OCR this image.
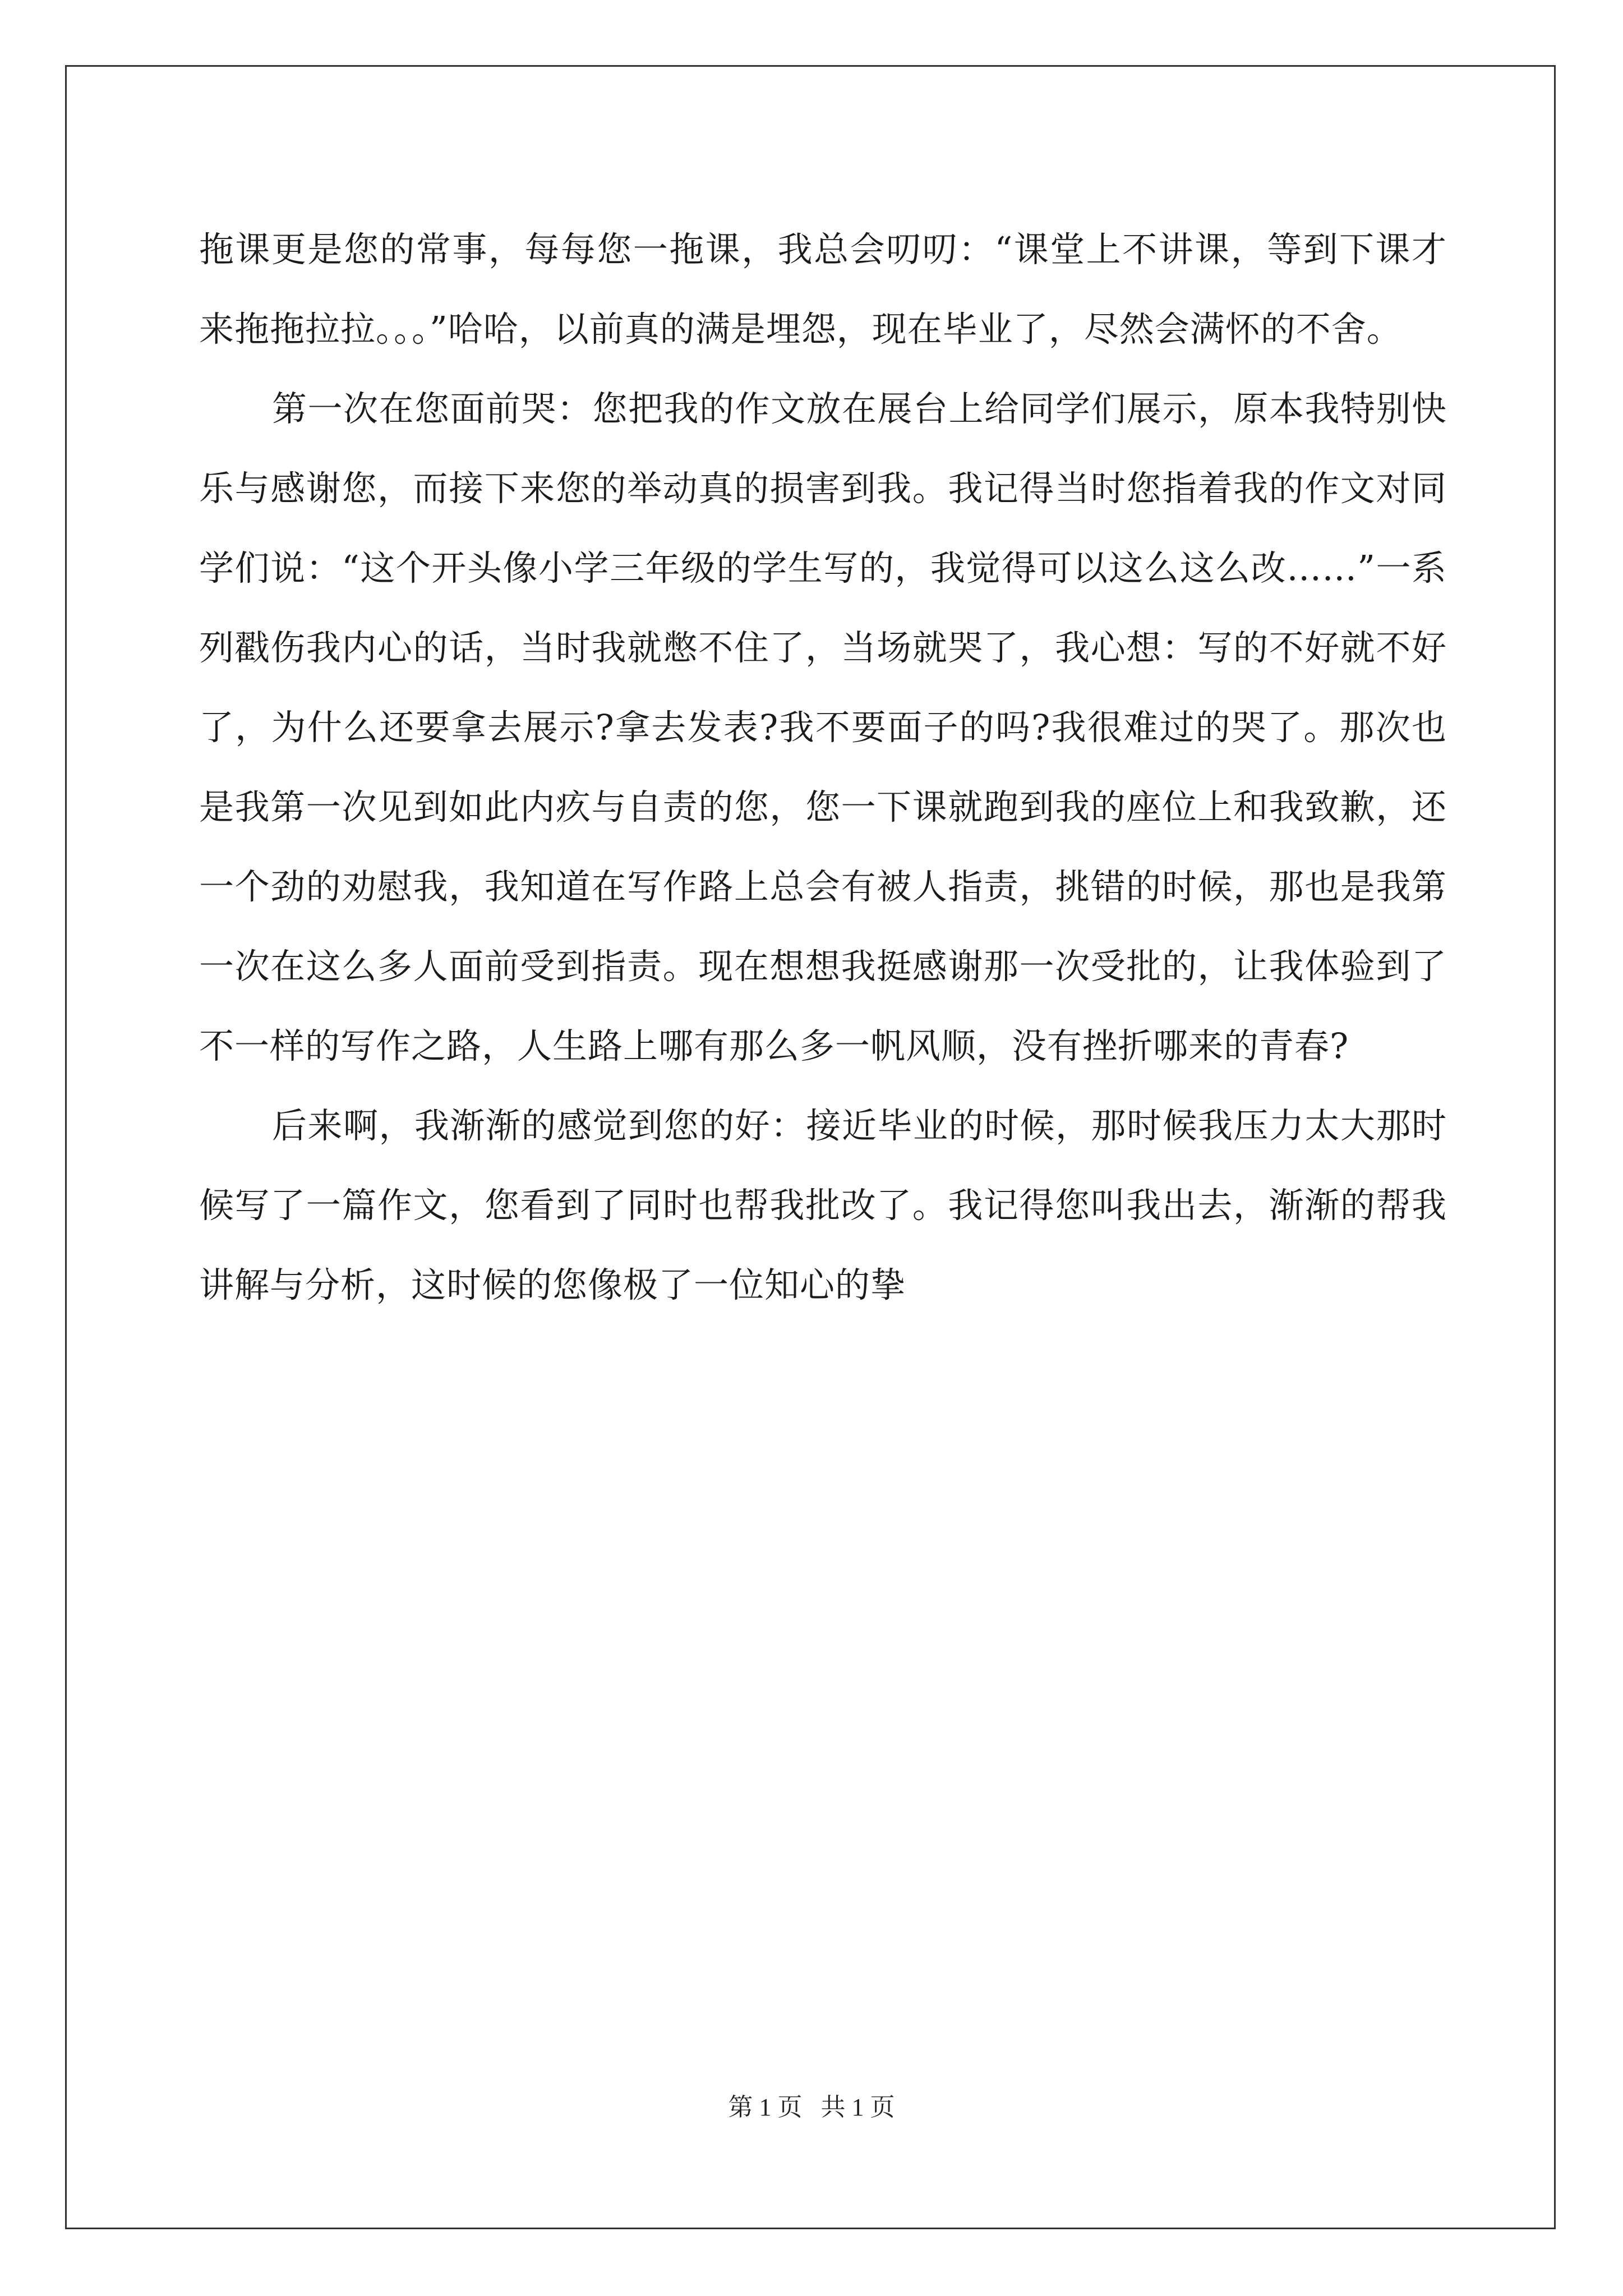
拖课更是您的常事，每每您一拖课，我总会叨叨：“课堂上不讲课，等到下课才来拖拖拉拉。。。”哈哈，以前真的满是埋怨，现在毕业了，尽然会满怀的不舍。

第一次在您面前哭：您把我的作文放在展台上给同学们展示，原本我特别快乐与感谢您，而接下来您的举动真的损害到我。我记得当时您指着我的作文对同学们说：“这个开头像小学三年级的学生写的，我觉得可以这么这么改……”一系列戳伤我内心的话，当时我就憋不住了，当场就哭了，我心想：写的不好就不好了，为什么还要拿去展示?拿去发表?我不要面子的吗?我很难过的哭了。那次也是我第一次见到如此内疚与自责的您，您一下课就跑到我的座位上和我致歉，还一个劲的劝慰我，我知道在写作路上总会有被人指责，挑错的时候，那也是我第一次在这么多人面前受到指责。现在想想我挺感谢那一次受批的，让我体验到了不一样的写作之路，人生路上哪有那么多一帆风顺，没有挫折哪来的青春?

后来啊，我渐渐的感觉到您的好：接近毕业的时候，那时候我压力太大那时候写了一篇作文，您看到了同时也帮我批改了。我记得您叫我出去，渐渐的帮我讲解与分析，这时候的您像极了一位知心的挚

第 1 页 共 1 页
